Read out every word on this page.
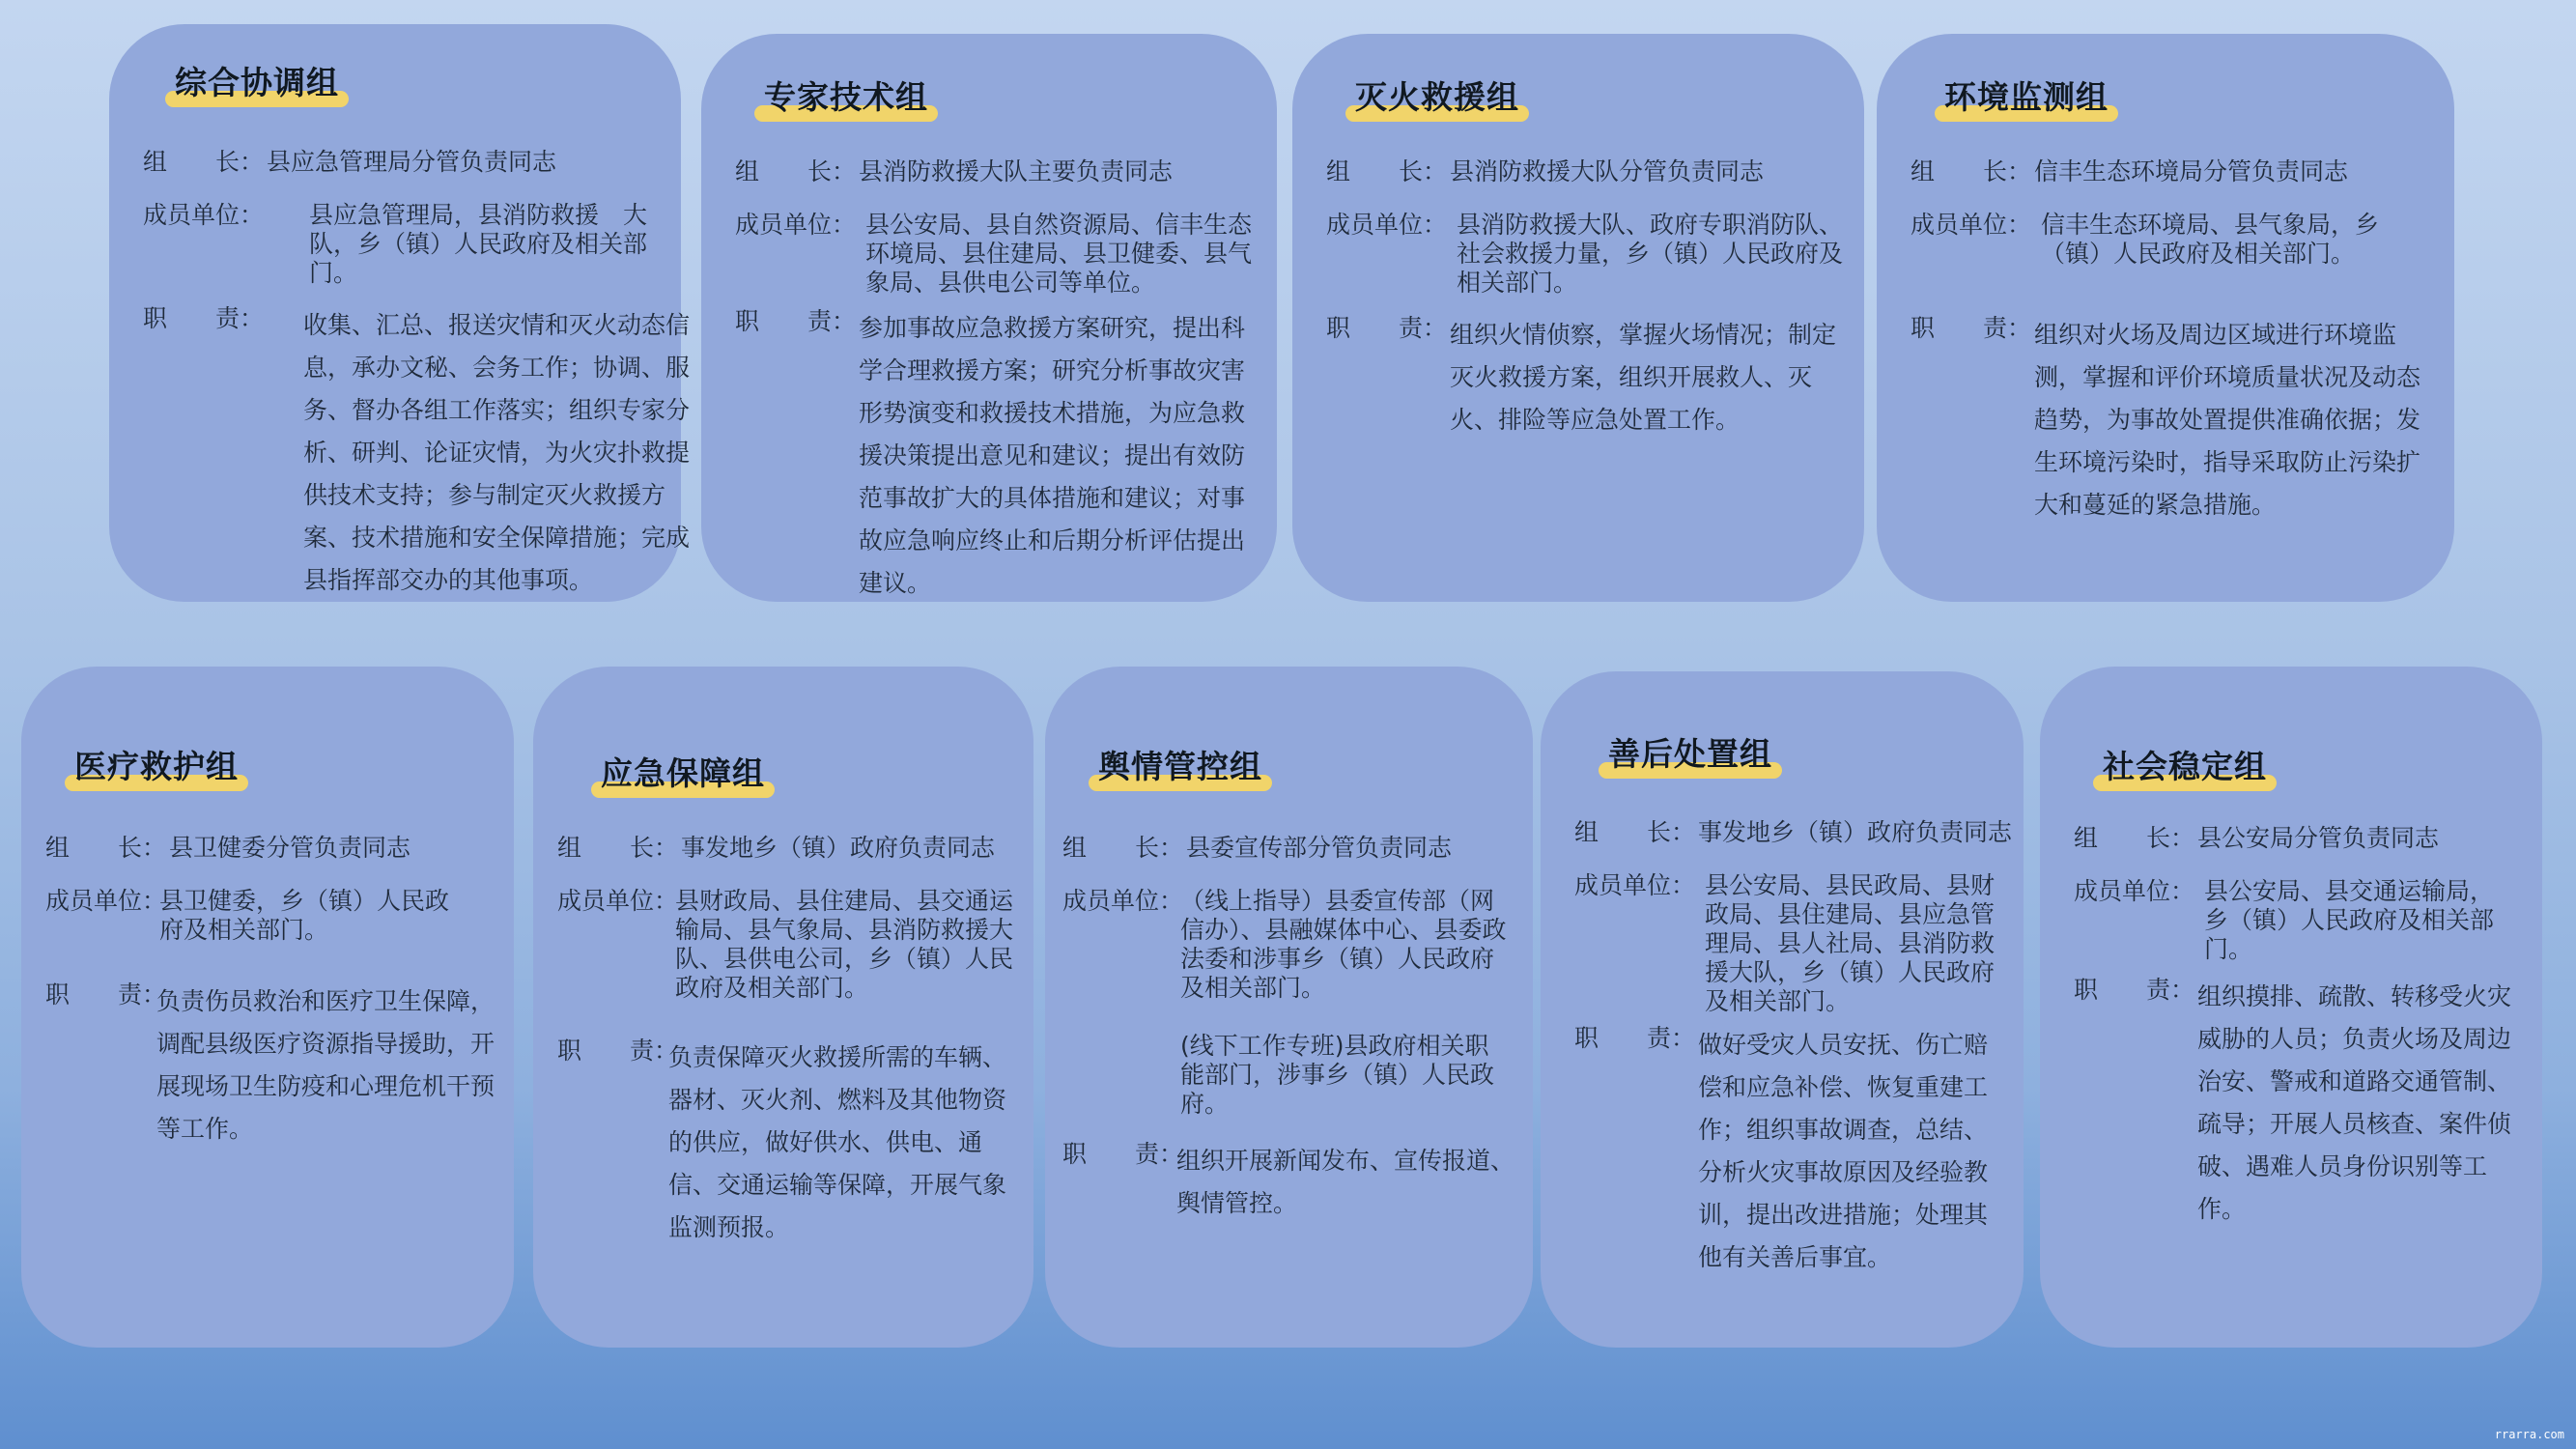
综合协调组
组　　长： 县应急管理局分管负责同志
成员单位： 县应急管理局，县消防救援　大队，乡（镇）人民政府及相关部门。
职　　责： 收集、汇总、报送灾情和灭火动态信息，承办文秘、会务工作；协调、服务、督办各组工作落实；组织专家分析、研判、论证灾情，为火灾扑救提供技术支持；参与制定灭火救援方案、技术措施和安全保障措施；完成县指挥部交办的其他事项。
专家技术组
组　　长： 县消防救援大队主要负责同志
成员单位： 县公安局、县自然资源局、信丰生态环境局、县住建局、县卫健委、县气象局、县供电公司等单位。
职　　责： 参加事故应急救援方案研究，提出科学合理救援方案；研究分析事故灾害形势演变和救援技术措施，为应急救援决策提出意见和建议；提出有效防范事故扩大的具体措施和建议；对事故应急响应终止和后期分析评估提出建议。
灭火救援组
组　　长： 县消防救援大队分管负责同志
成员单位： 县消防救援大队、政府专职消防队、社会救援力量，乡（镇）人民政府及相关部门。
职　　责： 组织火情侦察，掌握火场情况；制定灭火救援方案，组织开展救人、灭火、排险等应急处置工作。
环境监测组
组　　长： 信丰生态环境局分管负责同志
成员单位： 信丰生态环境局、县气象局，乡（镇）人民政府及相关部门。
职　　责： 组织对火场及周边区域进行环境监测，掌握和评价环境质量状况及动态趋势，为事故处置提供准确依据；发生环境污染时，指导采取防止污染扩大和蔓延的紧急措施。
医疗救护组
组　　长： 县卫健委分管负责同志
成员单位：
县卫健委，乡（镇）人民政府及相关部门。
职　　责：
负责伤员救治和医疗卫生保障，调配县级医疗资源指导援助，开展现场卫生防疫和心理危机干预等工作。
应急保障组
组　　长： 事发地乡（镇）政府负责同志
成员单位：
县财政局、县住建局、县交通运输局、县气象局、县消防救援大队、县供电公司，乡（镇）人民政府及相关部门。
职　　责：
负责保障灭火救援所需的车辆、器材、灭火剂、燃料及其他物资的供应，做好供水、供电、通信、交通运输等保障，开展气象监测预报。
舆情管控组
组　　长： 县委宣传部分管负责同志
成员单位：
（线上指导）县委宣传部（网信办）、县融媒体中心、县委政法委和涉事乡（镇）人民政府及相关部门。
(线下工作专班)县政府相关职能部门，涉事乡（镇）人民政府。
职　　责：
组织开展新闻发布、宣传报道、舆情管控。
善后处置组
组　　长： 事发地乡（镇）政府负责同志
成员单位： 县公安局、县民政局、县财政局、县住建局、县应急管理局、县人社局、县消防救援大队，乡（镇）人民政府及相关部门。
职　　责： 做好受灾人员安抚、伤亡赔偿和应急补偿、恢复重建工作；组织事故调查，总结、分析火灾事故原因及经验教训，提出改进措施；处理其他有关善后事宜。
社会稳定组
组　　长： 县公安局分管负责同志
成员单位： 县公安局、县交通运输局，乡（镇）人民政府及相关部门。
职　　责： 组织摸排、疏散、转移受火灾威胁的人员；负责火场及周边治安、警戒和道路交通管制、疏导；开展人员核查、案件侦破、遇难人员身份识别等工作。
rrarra.com
